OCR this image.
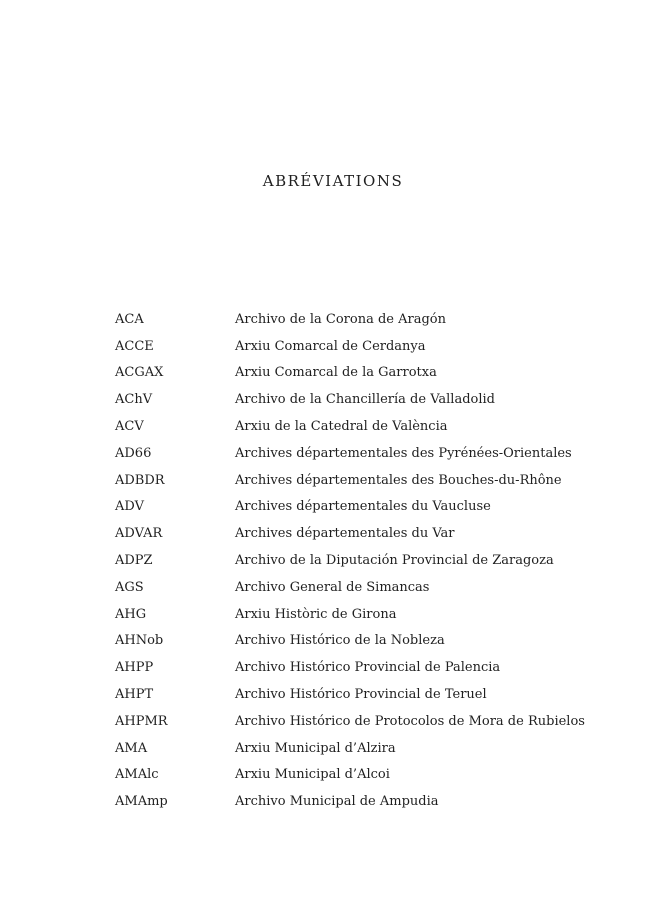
ABRÉVIATIONS
ACA	Archivo de la Corona de Aragón
ACCE	Arxiu Comarcal de Cerdanya
ACGAX	Arxiu Comarcal de la Garrotxa
AChV	Archivo de la Chancillería de Valladolid
ACV	Arxiu de la Catedral de València
AD66	Archives départementales des Pyrénées-Orientales
ADBDR	Archives départementales des Bouches-du-Rhône
ADV	Archives départementales du Vaucluse
ADVAR	Archives départementales du Var
ADPZ	Archivo de la Diputación Provincial de Zaragoza
AGS	Archivo General de Simancas
AHG	Arxiu Històric de Girona
AHNob	Archivo Histórico de la Nobleza
AHPP	Archivo Histórico Provincial de Palencia
AHPT	Archivo Histórico Provincial de Teruel
AHPMR	Archivo Histórico de Protocolos de Mora de Rubielos
AMA	Arxiu Municipal d’Alzira
AMAlc	Arxiu Municipal d’Alcoi
AMAmp	Archivo Municipal de Ampudia
